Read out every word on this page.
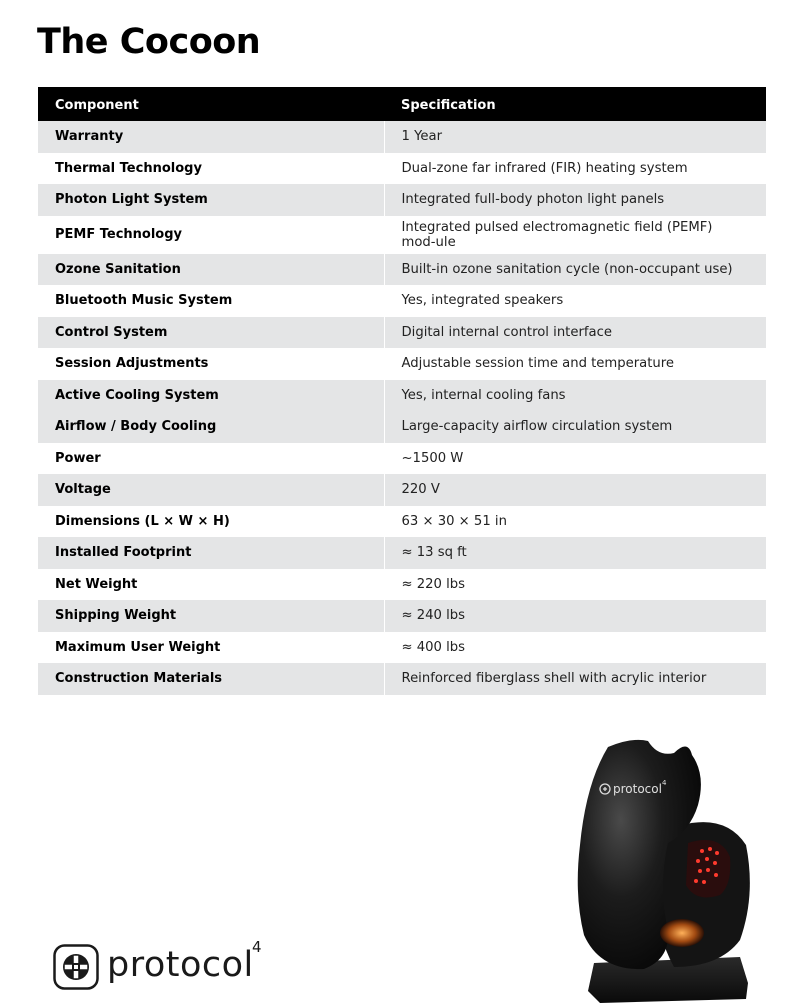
The Cocoon
Component	Specification
Warranty	1 Year
Thermal Technology	Dual-zone far infrared (FIR) heating system
Photon Light System	Integrated full-body photon light panels
PEMF Technology	Integrated pulsed electromagnetic field (PEMF) mod-ule
Ozone Sanitation	Built-in ozone sanitation cycle (non-occupant use)
Bluetooth Music System	Yes, integrated speakers
Control System	Digital internal control interface
Session Adjustments	Adjustable session time and temperature
Active Cooling System	Yes, internal cooling fans
Airflow / Body Cooling	Large-capacity airflow circulation system
Power	~1500 W
Voltage	220 V
Dimensions (L × W × H)	63 × 30 × 51 in
Installed Footprint	≈ 13 sq ft
Net Weight	≈ 220 lbs
Shipping Weight	≈ 240 lbs
Maximum User Weight	≈ 400 lbs
Construction Materials	Reinforced fiberglass shell with acrylic interior
protocol 4
protocol
4
